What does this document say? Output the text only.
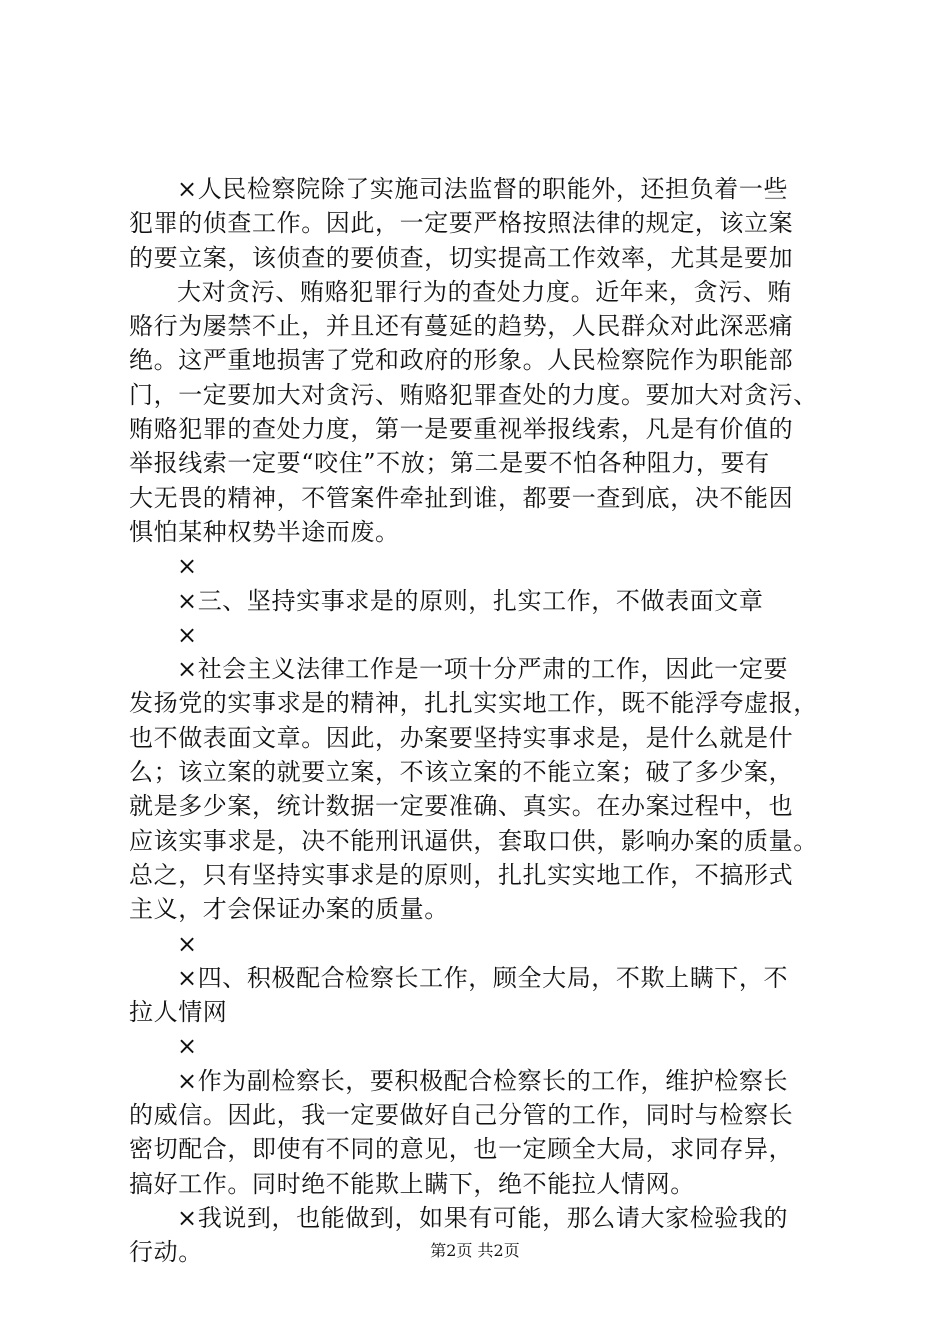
×人民检察院除了实施司法监督的职能外，还担负着一些
犯罪的侦查工作。因此，一定要严格按照法律的规定，该立案
的要立案，该侦查的要侦查，切实提高工作效率，尤其是要加
大对贪污、贿赂犯罪行为的查处力度。近年来，贪污、贿
赂行为屡禁不止，并且还有蔓延的趋势，人民群众对此深恶痛
绝。这严重地损害了党和政府的形象。人民检察院作为职能部
门，一定要加大对贪污、贿赂犯罪查处的力度。要加大对贪污、
贿赂犯罪的查处力度，第一是要重视举报线索，凡是有价值的
举报线索一定要“咬住”不放；第二是要不怕各种阻力，要有
大无畏的精神，不管案件牵扯到谁，都要一查到底，决不能因
惧怕某种权势半途而废。
×
×三、坚持实事求是的原则，扎实工作，不做表面文章
×
×社会主义法律工作是一项十分严肃的工作，因此一定要
发扬党的实事求是的精神，扎扎实实地工作，既不能浮夸虚报，
也不做表面文章。因此，办案要坚持实事求是，是什么就是什
么；该立案的就要立案，不该立案的不能立案；破了多少案，
就是多少案，统计数据一定要准确、真实。在办案过程中，也
应该实事求是，决不能刑讯逼供，套取口供，影响办案的质量。
总之，只有坚持实事求是的原则，扎扎实实地工作，不搞形式
主义，才会保证办案的质量。
×
×四、积极配合检察长工作，顾全大局，不欺上瞒下，不
拉人情网
×
×作为副检察长，要积极配合检察长的工作，维护检察长
的威信。因此，我一定要做好自己分管的工作，同时与检察长
密切配合，即使有不同的意见，也一定顾全大局，求同存异，
搞好工作。同时绝不能欺上瞒下，绝不能拉人情网。
×我说到，也能做到，如果有可能，那么请大家检验我的
行动。	第2页 共2页
